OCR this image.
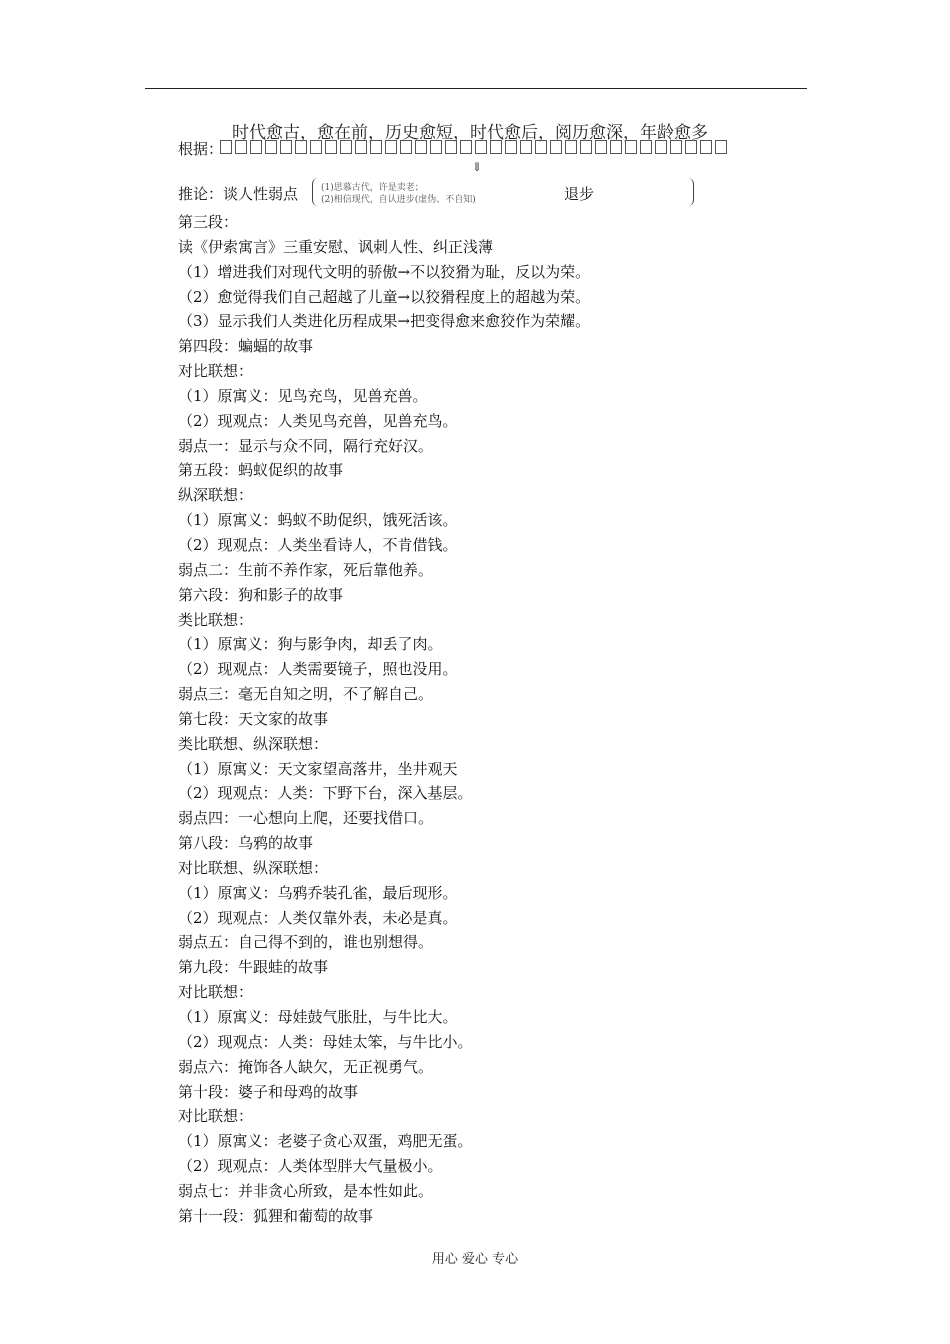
根据：
时代愈古，愈在前，历史愈短，时代愈后，阅历愈深，年龄愈多
⇓
推论：谈人性弱点	(1)思慕古代，许是卖老；
(2)相信现代，自认进步(虚伪、不自知)	退步
第三段：
读《伊索寓言》三重安慰、讽刺人性、纠正浅薄
（1）增进我们对现代文明的骄傲→不以狡猾为耻，反以为荣。
（2）愈觉得我们自己超越了儿童→以狡猾程度上的超越为荣。
（3）显示我们人类进化历程成果→把变得愈来愈狡作为荣耀。
第四段：蝙蝠的故事
对比联想：
（1）原寓义：见鸟充鸟，见兽充兽。
（2）现观点：人类见鸟充兽，见兽充鸟。
弱点一：显示与众不同，隔行充好汉。
第五段：蚂蚁促织的故事
纵深联想：
（1）原寓义：蚂蚁不助促织，饿死活该。
（2）现观点：人类坐看诗人，不肯借钱。
弱点二：生前不养作家，死后靠他养。
第六段：狗和影子的故事
类比联想：
（1）原寓义：狗与影争肉，却丢了肉。
（2）现观点：人类需要镜子，照也没用。
弱点三：毫无自知之明，不了解自己。
第七段：天文家的故事
类比联想、纵深联想：
（1）原寓义：天文家望高落井，坐井观天
（2）现观点：人类：下野下台，深入基层。
弱点四：一心想向上爬，还要找借口。
第八段：乌鸦的故事
对比联想、纵深联想：
（1）原寓义：乌鸦乔装孔雀，最后现形。
（2）现观点：人类仅靠外表，未必是真。
弱点五：自己得不到的，谁也别想得。
第九段：牛跟蛙的故事
对比联想：
（1）原寓义：母娃鼓气胀肚，与牛比大。
（2）现观点：人类：母娃太笨，与牛比小。
弱点六：掩饰各人缺欠，无正视勇气。
第十段：婆子和母鸡的故事
对比联想：
（1）原寓义：老婆子贪心双蛋，鸡肥无蛋。
（2）现观点：人类体型胖大气量极小。
弱点七：并非贪心所致，是本性如此。
第十一段：狐狸和葡萄的故事
用心 爱心 专心
